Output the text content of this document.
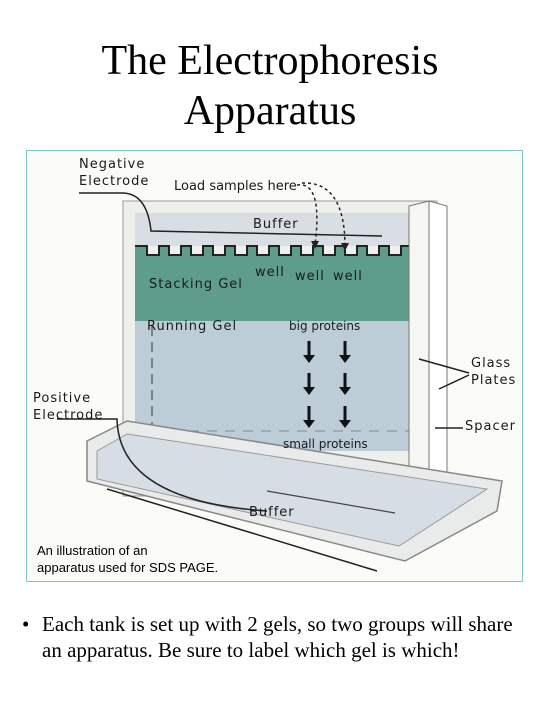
The Electrophoresis
Apparatus
Negative
Electrode Load samples here
Buffer
well well well
Stacking Gel
Running Gel	big proteins
small proteins
Glass
Plates
Positive
Electrode
Spacer
Buffer
An illustration of an
apparatus used for SDS PAGE.
• Each tank is set up with 2 gels, so two groups will share an apparatus. Be sure to label which gel is which!
